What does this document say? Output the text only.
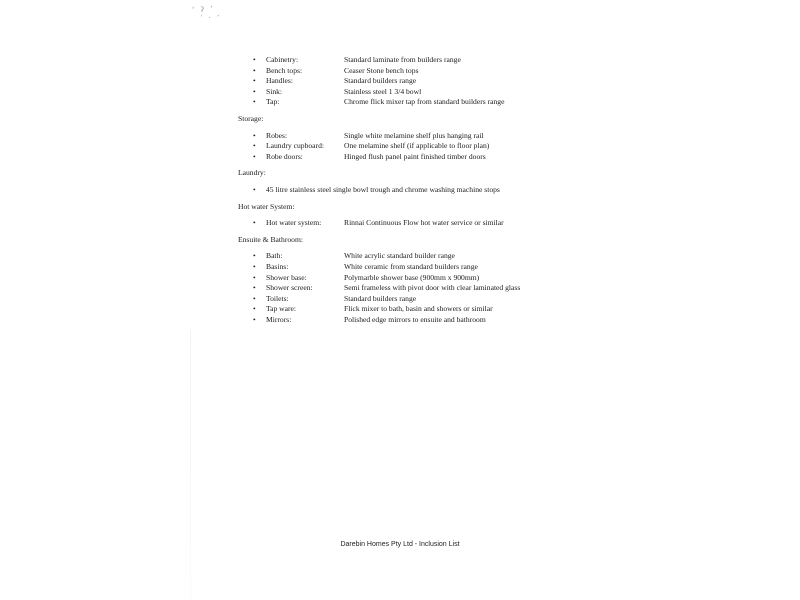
ʻ ʔ ʽ
ˈ · ʼ
• Cabinetry:	Standard laminate from builders range
• Bench tops:	Ceaser Stone bench tops
• Handles:	Standard builders range
• Sink:	Stainless steel 1 3/4 bowl
• Tap:	Chrome flick mixer tap from standard builders range
Storage:
• Robes:	Single white melamine shelf plus hanging rail
• Laundry cupboard:	One melamine shelf (if applicable to floor plan)
• Robe doors:	Hinged flush panel paint finished timber doors
Laundry:
• 45 litre stainless steel single bowl trough and chrome washing machine stops
Hot water System:
• Hot water system:	Rinnai Continuous Flow hot water service or similar
Ensuite & Bathroom:
• Bath:	White acrylic standard builder range
• Basins:	White ceramic from standard builders range
• Shower base:	Polymarble shower base (900mm x 900mm)
• Shower screen:	Semi frameless with pivot door with clear laminated glass
• Toilets:	Standard builders range
• Tap ware:	Flick mixer to bath, basin and showers or similar
• Mirrors:	Polished edge mirrors to ensuite and bathroom
Darebin Homes Pty Ltd - Inclusion List
